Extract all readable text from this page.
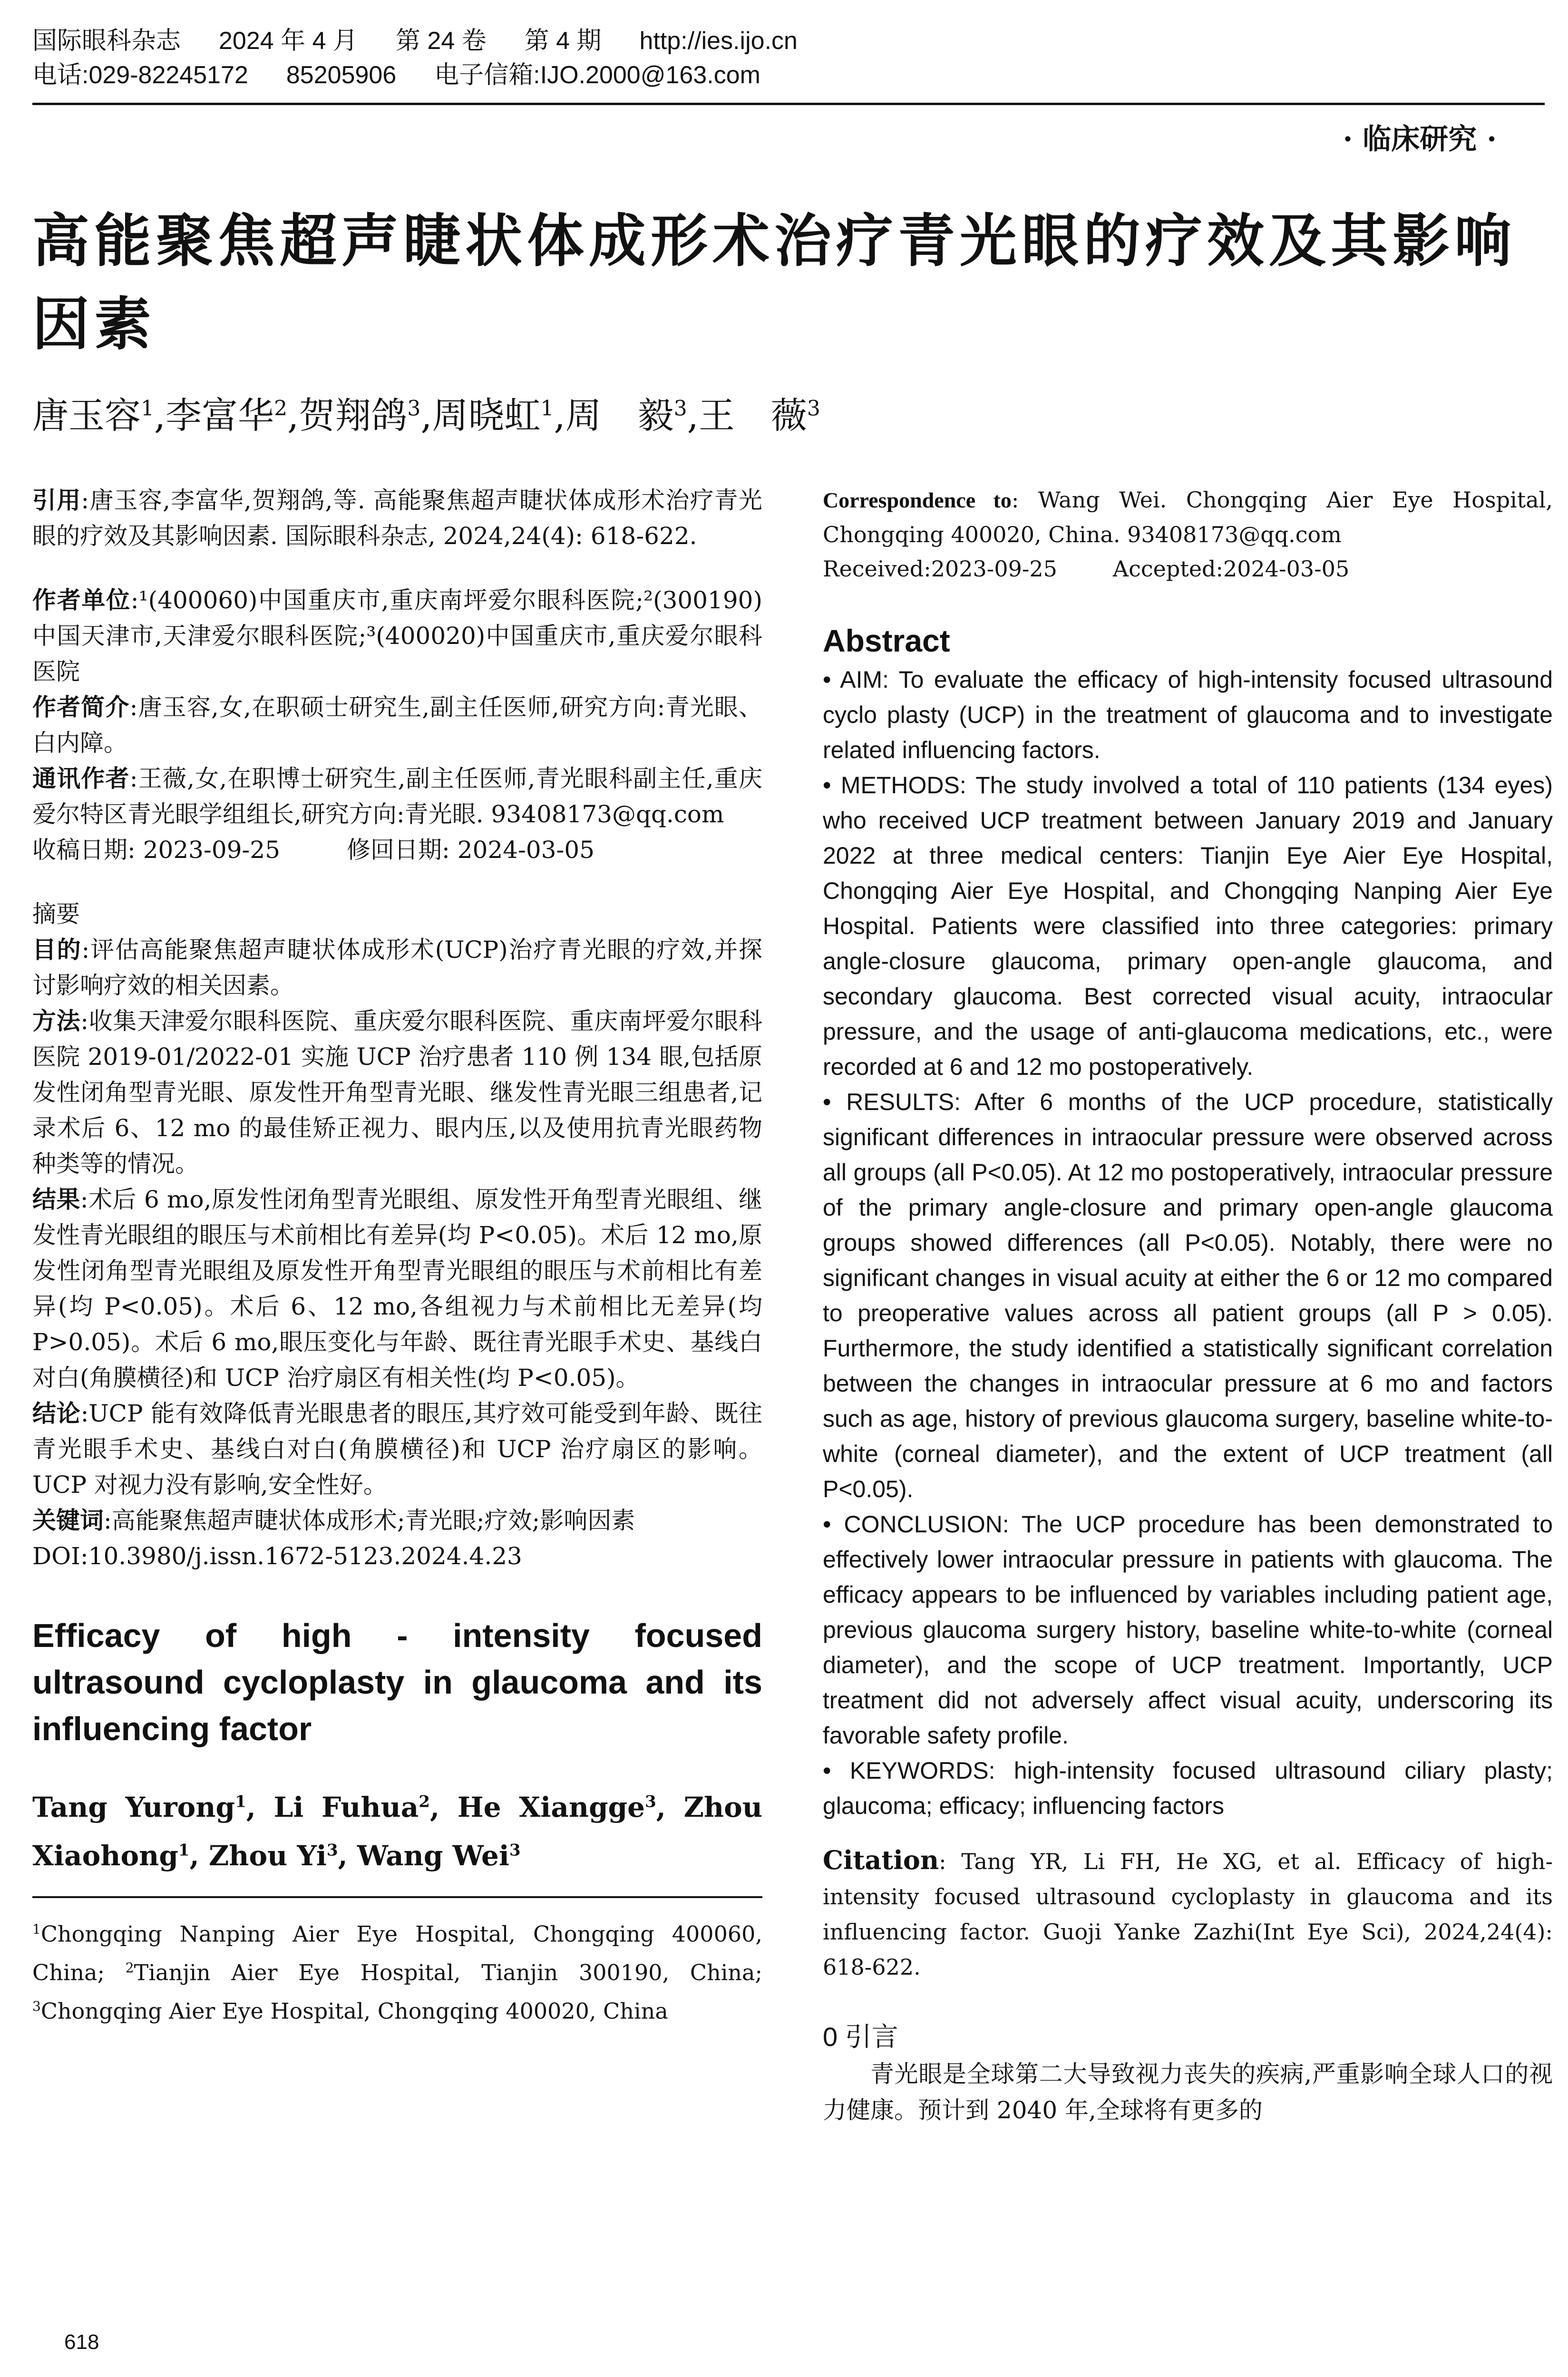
国际眼科杂志 2024 年 4 月 第 24 卷 第 4 期 http://ies.ijo.cn
电话:029-82245172 85205906 电子信箱:IJO.2000@163.com
· 临床研究 ·
高能聚焦超声睫状体成形术治疗青光眼的疗效及其影响因素
唐玉容$^1$,李富华$^2$,贺翔鸽$^3$,周晓虹$^1$,周　毅$^3$,王　薇$^3$

引用:唐玉容,李富华,贺翔鸽,等. 高能聚焦超声睫状体成形术治疗青光眼的疗效及其影响因素. 国际眼科杂志, 2024,24(4): 618-622.

作者单位:¹(400060)中国重庆市,重庆南坪爱尔眼科医院;²(300190)中国天津市,天津爱尔眼科医院;³(400020)中国重庆市,重庆爱尔眼科医院

作者简介:唐玉容,女,在职硕士研究生,副主任医师,研究方向:青光眼、白内障。

通讯作者:王薇,女,在职博士研究生,副主任医师,青光眼科副主任,重庆爱尔特区青光眼学组组长,研究方向:青光眼. 93408173@qq.com

收稿日期: 2023-09-25	修回日期: 2024-03-05

摘要

目的:评估高能聚焦超声睫状体成形术(UCP)治疗青光眼的疗效,并探讨影响疗效的相关因素。

方法:收集天津爱尔眼科医院、重庆爱尔眼科医院、重庆南坪爱尔眼科医院 2019-01/2022-01 实施 UCP 治疗患者 110 例 134 眼,包括原发性闭角型青光眼、原发性开角型青光眼、继发性青光眼三组患者,记录术后 6、12 mo 的最佳矫正视力、眼内压,以及使用抗青光眼药物种类等的情况。

结果:术后 6 mo,原发性闭角型青光眼组、原发性开角型青光眼组、继发性青光眼组的眼压与术前相比有差异(均 P<0.05)。术后 12 mo,原发性闭角型青光眼组及原发性开角型青光眼组的眼压与术前相比有差异(均 P<0.05)。术后 6、12 mo,各组视力与术前相比无差异(均 P>0.05)。术后 6 mo,眼压变化与年龄、既往青光眼手术史、基线白对白(角膜横径)和 UCP 治疗扇区有相关性(均 P<0.05)。

结论:UCP 能有效降低青光眼患者的眼压,其疗效可能受到年龄、既往青光眼手术史、基线白对白(角膜横径)和 UCP 治疗扇区的影响。UCP 对视力没有影响,安全性好。

关键词:高能聚焦超声睫状体成形术;青光眼;疗效;影响因素

DOI:10.3980/j.issn.1672-5123.2024.4.23

Efficacy of high - intensity focused ultrasound cycloplasty in glaucoma and its influencing factor
Tang Yurong$^1$, Li Fuhua$^2$, He Xiangge$^3$, Zhou Xiaohong$^1$, Zhou Yi$^3$, Wang Wei$^3$
$^1$Chongqing Nanping Aier Eye Hospital, Chongqing 400060, China; $^2$Tianjin Aier Eye Hospital, Tianjin 300190, China; $^3$Chongqing Aier Eye Hospital, Chongqing 400020, China
Correspondence to: Wang Wei. Chongqing Aier Eye Hospital, Chongqing 400020, China. 93408173@qq.com
Received:2023-09-25	Accepted:2024-03-05
Abstract

• AIM: To evaluate the efficacy of high-intensity focused ultrasound cyclo plasty (UCP) in the treatment of glaucoma and to investigate related influencing factors.

• METHODS: The study involved a total of 110 patients (134 eyes) who received UCP treatment between January 2019 and January 2022 at three medical centers: Tianjin Eye Aier Eye Hospital, Chongqing Aier Eye Hospital, and Chongqing Nanping Aier Eye Hospital. Patients were classified into three categories: primary angle-closure glaucoma, primary open-angle glaucoma, and secondary glaucoma. Best corrected visual acuity, intraocular pressure, and the usage of anti-glaucoma medications, etc., were recorded at 6 and 12 mo postoperatively.

• RESULTS: After 6 months of the UCP procedure, statistically significant differences in intraocular pressure were observed across all groups (all P<0.05). At 12 mo postoperatively, intraocular pressure of the primary angle-closure and primary open-angle glaucoma groups showed differences (all P<0.05). Notably, there were no significant changes in visual acuity at either the 6 or 12 mo compared to preoperative values across all patient groups (all P > 0.05). Furthermore, the study identified a statistically significant correlation between the changes in intraocular pressure at 6 mo and factors such as age, history of previous glaucoma surgery, baseline white-to-white (corneal diameter), and the extent of UCP treatment (all P<0.05).

• CONCLUSION: The UCP procedure has been demonstrated to effectively lower intraocular pressure in patients with glaucoma. The efficacy appears to be influenced by variables including patient age, previous glaucoma surgery history, baseline white-to-white (corneal diameter), and the scope of UCP treatment. Importantly, UCP treatment did not adversely affect visual acuity, underscoring its favorable safety profile.

• KEYWORDS: high-intensity focused ultrasound ciliary plasty; glaucoma; efficacy; influencing factors

Citation: Tang YR, Li FH, He XG, et al. Efficacy of high-intensity focused ultrasound cycloplasty in glaucoma and its influencing factor. Guoji Yanke Zazhi(Int Eye Sci), 2024,24(4): 618-622.
0 引言

青光眼是全球第二大导致视力丧失的疾病,严重影响全球人口的视力健康。预计到 2040 年,全球将有更多的

618
